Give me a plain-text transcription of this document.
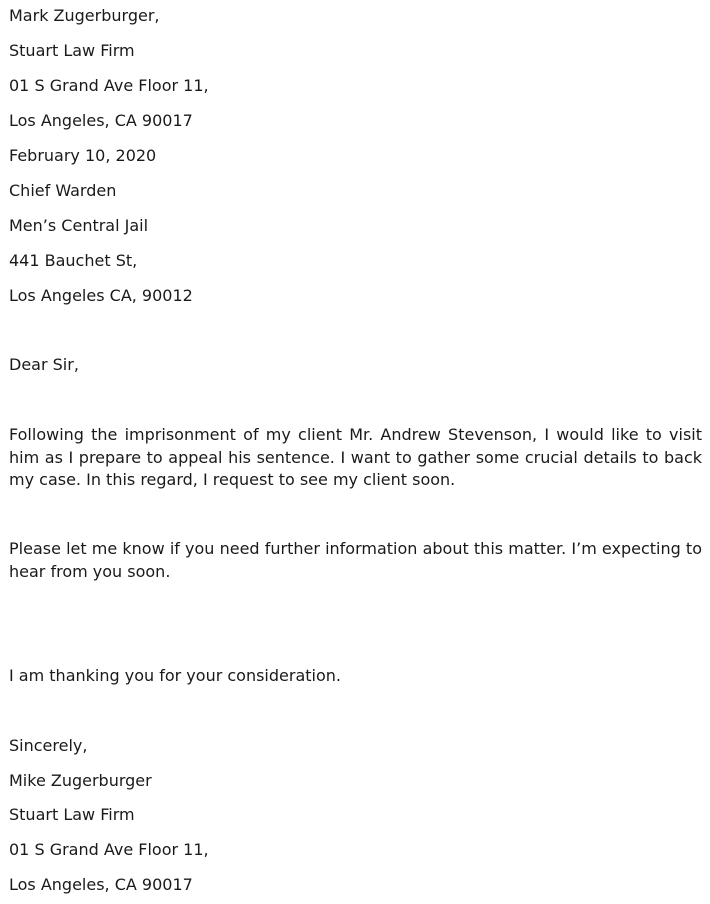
Mark Zugerburger,
Stuart Law Firm
01 S Grand Ave Floor 11,
Los Angeles, CA 90017
February 10, 2020
Chief Warden
Men’s Central Jail
441 Bauchet St,
Los Angeles CA, 90012
Dear Sir,
Following the imprisonment of my client Mr. Andrew Stevenson, I would like to visit him as I prepare to appeal his sentence. I want to gather some crucial details to back my case. In this regard, I request to see my client soon.
Please let me know if you need further information about this matter. I’m expecting to hear from you soon.
I am thanking you for your consideration.
Sincerely,
Mike Zugerburger
Stuart Law Firm
01 S Grand Ave Floor 11,
Los Angeles, CA 90017
